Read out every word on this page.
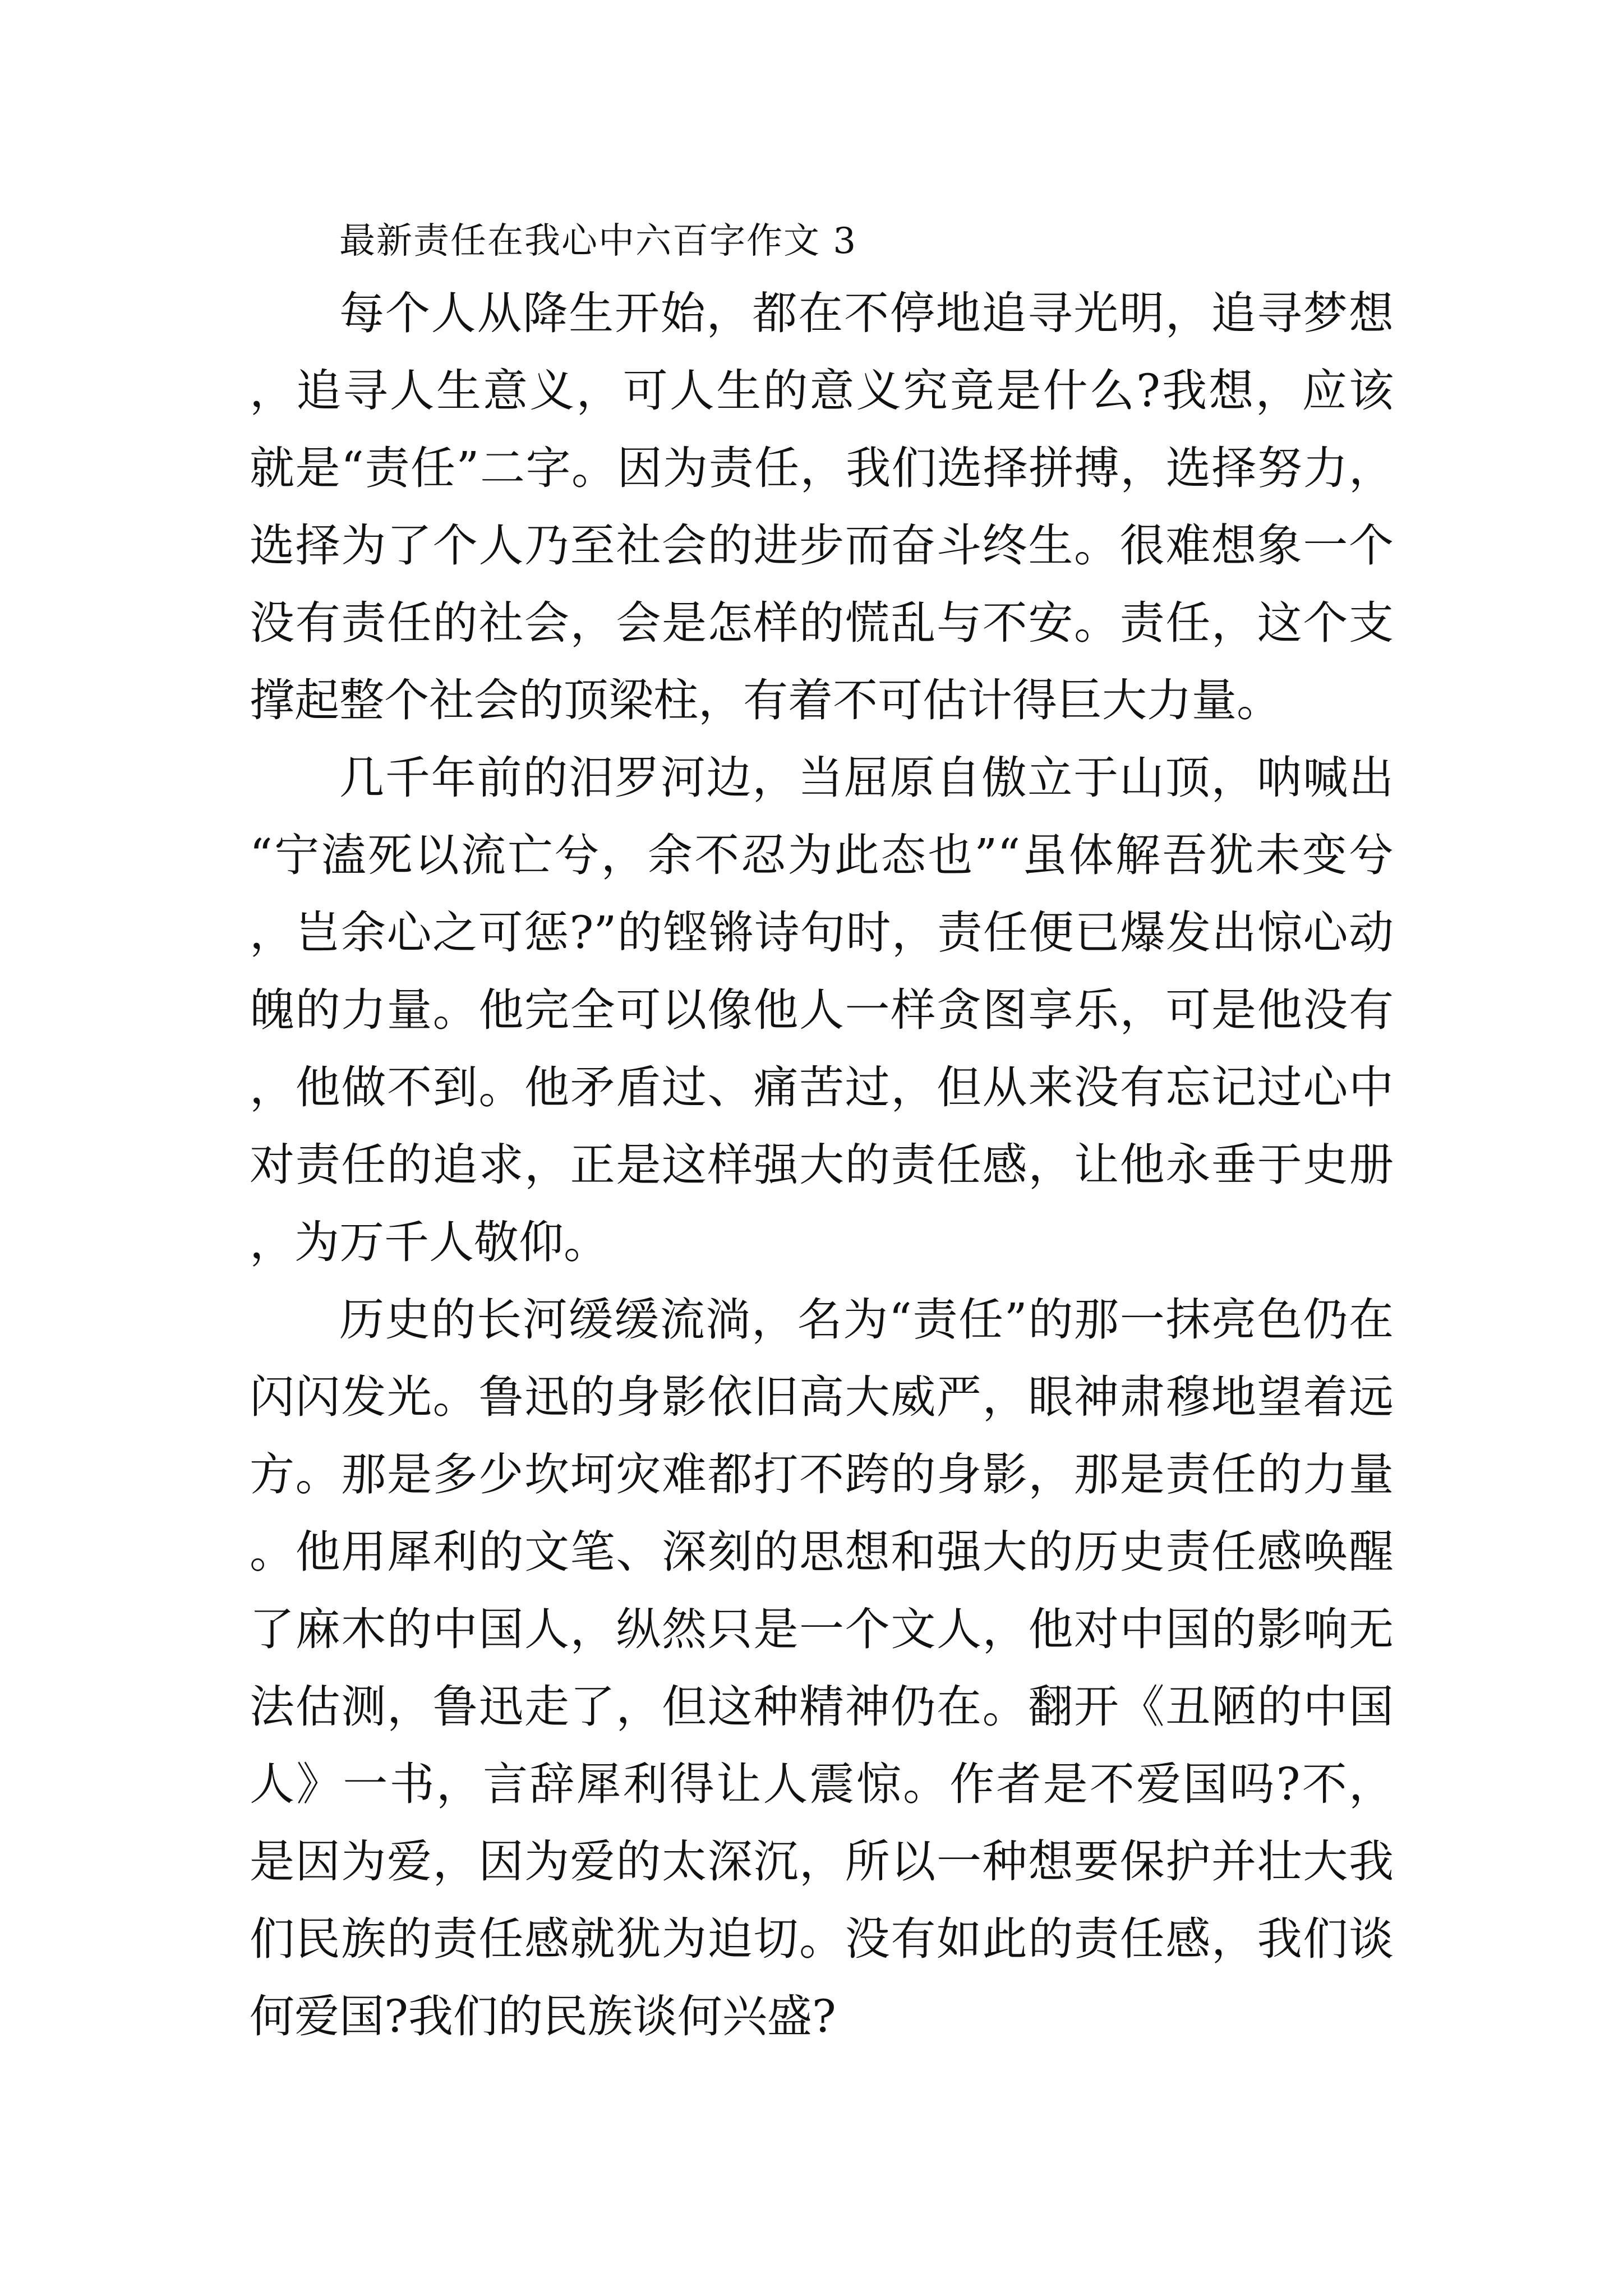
最新责任在我心中六百字作文 3

每个人从降生开始，都在不停地追寻光明，追寻梦想，追寻人生意义，可人生的意义究竟是什么?我想，应该就是“责任”二字。因为责任，我们选择拼搏，选择努力，选择为了个人乃至社会的进步而奋斗终生。很难想象一个没有责任的社会，会是怎样的慌乱与不安。责任，这个支撑起整个社会的顶梁柱，有着不可估计得巨大力量。

几千年前的汨罗河边，当屈原自傲立于山顶，呐喊出“宁溘死以流亡兮，余不忍为此态也”“虽体解吾犹未变兮，岂余心之可惩?”的铿锵诗句时，责任便已爆发出惊心动魄的力量。他完全可以像他人一样贪图享乐，可是他没有，他做不到。他矛盾过、痛苦过，但从来没有忘记过心中对责任的追求，正是这样强大的责任感，让他永垂于史册，为万千人敬仰。

历史的长河缓缓流淌，名为“责任”的那一抹亮色仍在闪闪发光。鲁迅的身影依旧高大威严，眼神肃穆地望着远方。那是多少坎坷灾难都打不跨的身影，那是责任的力量。他用犀利的文笔、深刻的思想和强大的历史责任感唤醒了麻木的中国人，纵然只是一个文人，他对中国的影响无法估测，鲁迅走了，但这种精神仍在。翻开《丑陋的中国人》一书，言辞犀利得让人震惊。作者是不爱国吗?不，是因为爱，因为爱的太深沉，所以一种想要保护并壮大我们民族的责任感就犹为迫切。没有如此的责任感，我们谈何爱国?我们的民族谈何兴盛?
